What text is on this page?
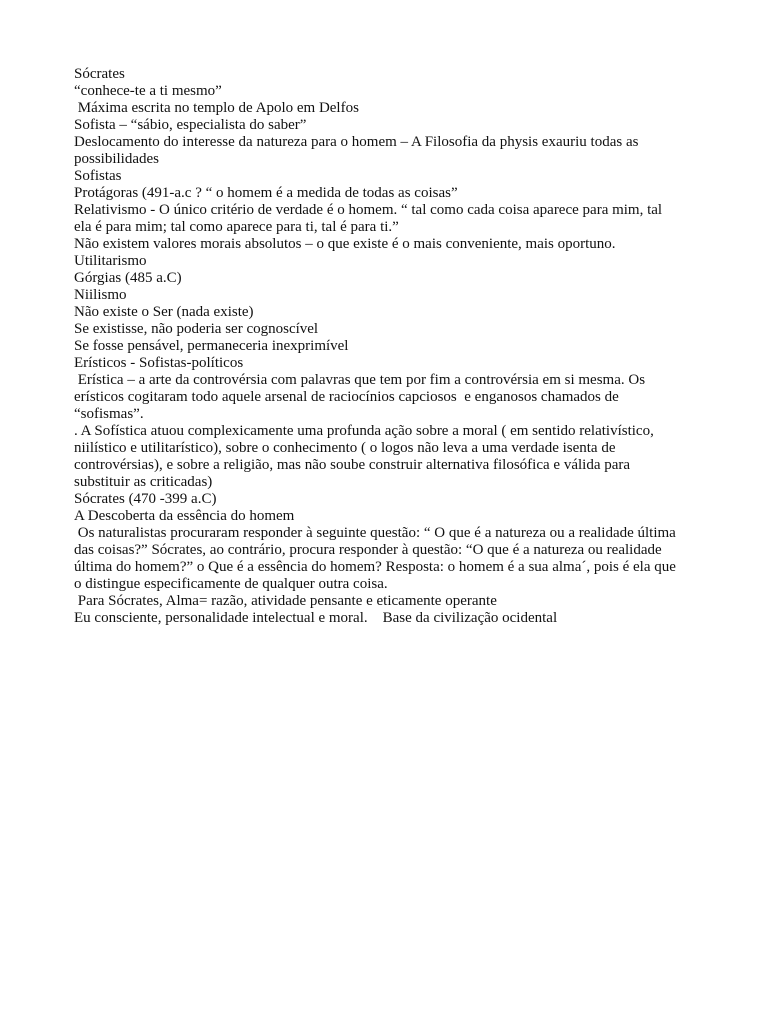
Sócrates
“conhece-te a ti mesmo”
Máxima escrita no templo de Apolo em Delfos
Sofista – “sábio, especialista do saber”
Deslocamento do interesse da natureza para o homem – A Filosofia da physis exauriu todas as
possibilidades
Sofistas
Protágoras (491-a.c ? “ o homem é a medida de todas as coisas”
Relativismo - O único critério de verdade é o homem. “ tal como cada coisa aparece para mim, tal
ela é para mim; tal como aparece para ti, tal é para ti.”
Não existem valores morais absolutos – o que existe é o mais conveniente, mais oportuno.
Utilitarismo
Górgias (485 a.C)
Niilismo
Não existe o Ser (nada existe)
Se existisse, não poderia ser cognoscível
Se fosse pensável, permaneceria inexprimível
Erísticos - Sofistas-políticos
Erística – a arte da controvérsia com palavras que tem por fim a controvérsia em si mesma. Os
erísticos cogitaram todo aquele arsenal de raciocínios capciosos  e enganosos chamados de
“sofismas”.
. A Sofística atuou complexicamente uma profunda ação sobre a moral ( em sentido relativístico,
niilístico e utilitarístico), sobre o conhecimento ( o logos não leva a uma verdade isenta de
controvérsias), e sobre a religião, mas não soube construir alternativa filosófica e válida para
substituir as criticadas)
Sócrates (470 -399 a.C)
A Descoberta da essência do homem
Os naturalistas procuraram responder à seguinte questão: “ O que é a natureza ou a realidade última
das coisas?” Sócrates, ao contrário, procura responder à questão: “O que é a natureza ou realidade
última do homem?” o Que é a essência do homem? Resposta: o homem é a sua alma´, pois é ela que
o distingue especificamente de qualquer outra coisa.
Para Sócrates, Alma= razão, atividade pensante e eticamente operante
Eu consciente, personalidade intelectual e moral.    Base da civilização ocidental
